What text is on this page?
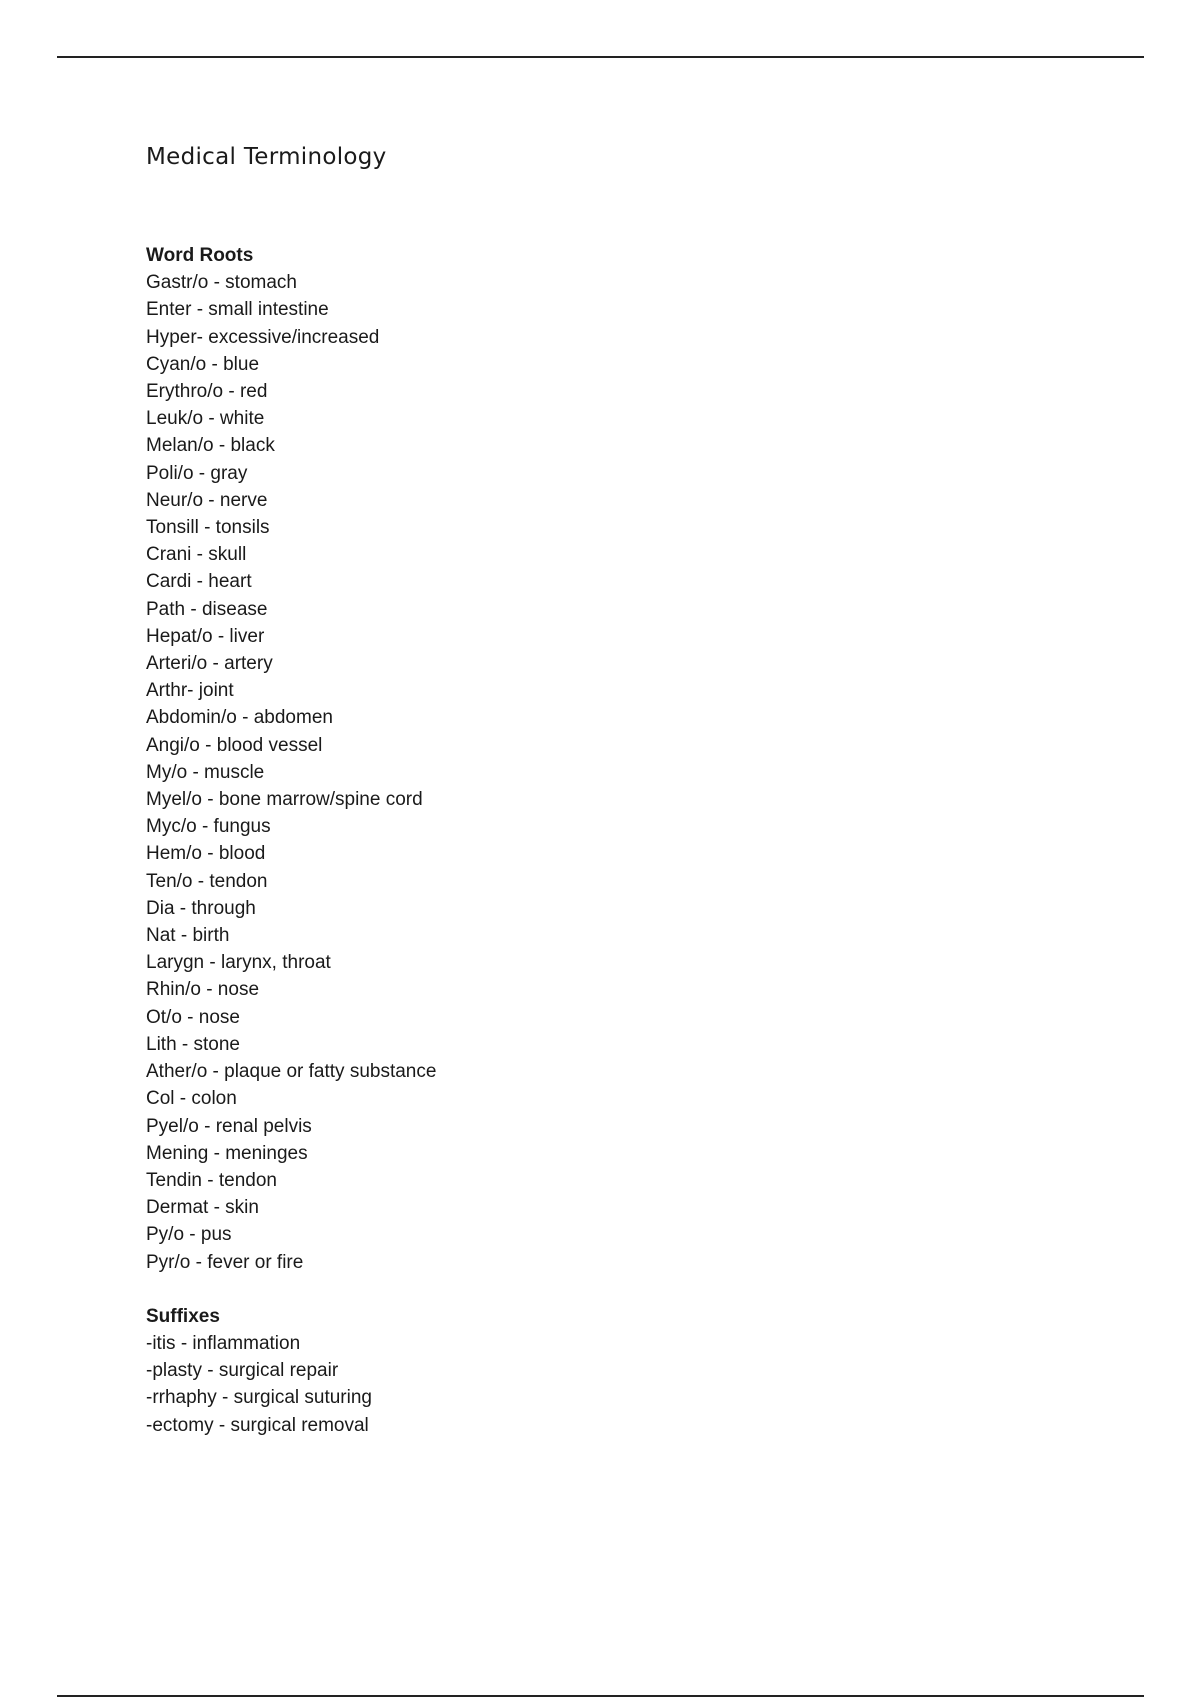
Medical Terminology
Word Roots
Gastr/o - stomach
Enter - small intestine
Hyper- excessive/increased
Cyan/o - blue
Erythro/o - red
Leuk/o - white
Melan/o - black
Poli/o - gray
Neur/o - nerve
Tonsill - tonsils
Crani - skull
Cardi - heart
Path - disease
Hepat/o - liver
Arteri/o - artery
Arthr- joint
Abdomin/o - abdomen
Angi/o - blood vessel
My/o - muscle
Myel/o - bone marrow/spine cord
Myc/o - fungus
Hem/o - blood
Ten/o - tendon
Dia - through
Nat - birth
Larygn - larynx, throat
Rhin/o - nose
Ot/o - nose
Lith - stone
Ather/o - plaque or fatty substance
Col - colon
Pyel/o - renal pelvis
Mening - meninges
Tendin - tendon
Dermat - skin
Py/o - pus
Pyr/o - fever or fire
Suffixes
-itis - inflammation
-plasty - surgical repair
-rrhaphy - surgical suturing
-ectomy - surgical removal
